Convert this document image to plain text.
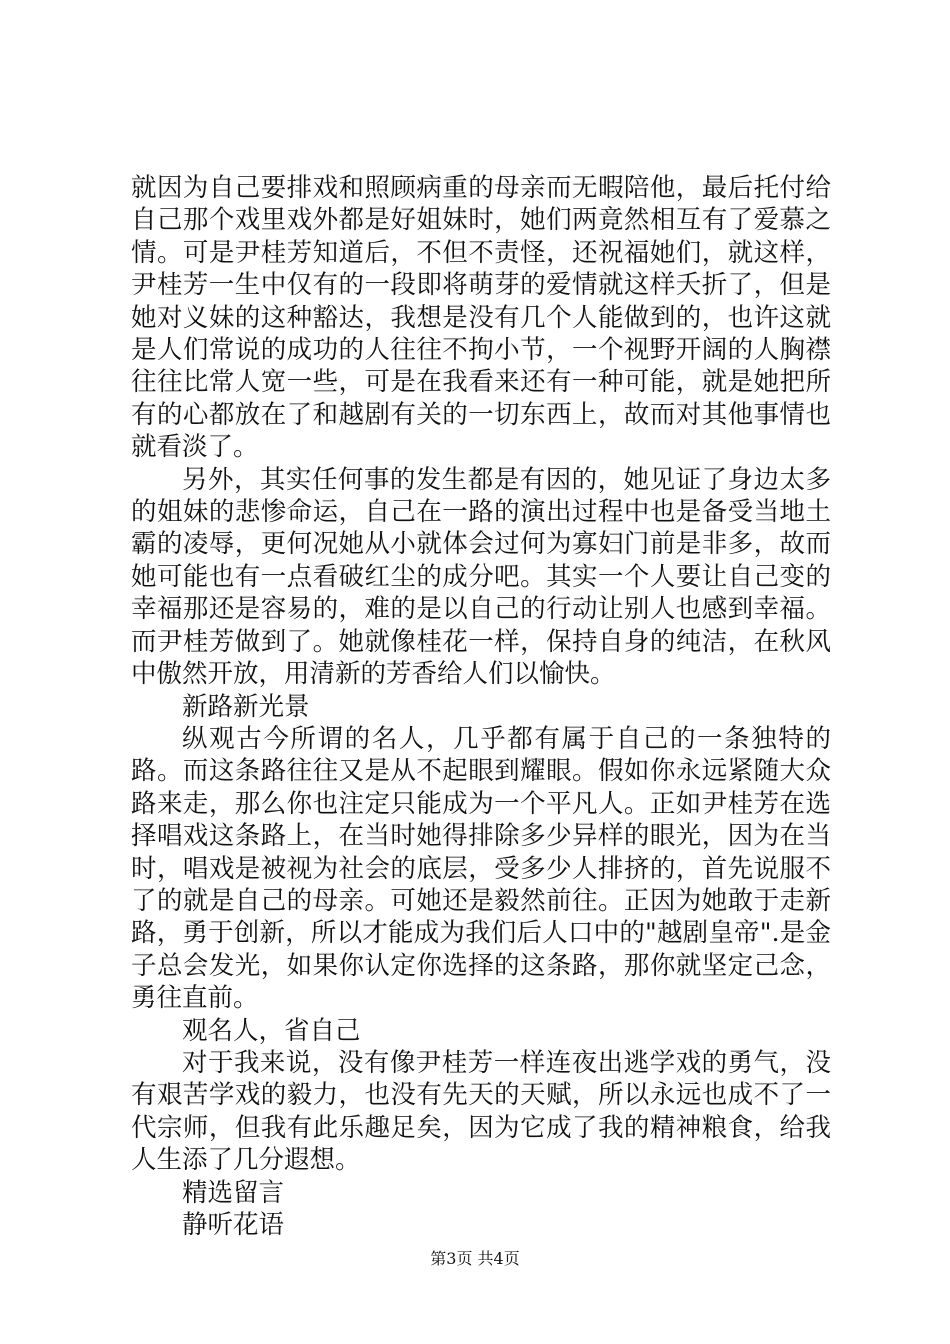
就因为自己要排戏和照顾病重的母亲而无暇陪他，最后托付给自己那个戏里戏外都是好姐妹时，她们两竟然相互有了爱慕之情。可是尹桂芳知道后，不但不责怪，还祝福她们，就这样，尹桂芳一生中仅有的一段即将萌芽的爱情就这样夭折了，但是她对义妹的这种豁达，我想是没有几个人能做到的，也许这就是人们常说的成功的人往往不拘小节，一个视野开阔的人胸襟往往比常人宽一些，可是在我看来还有一种可能，就是她把所有的心都放在了和越剧有关的一切东西上，故而对其他事情也就看淡了。

另外，其实任何事的发生都是有因的，她见证了身边太多的姐妹的悲惨命运，自己在一路的演出过程中也是备受当地土霸的凌辱，更何况她从小就体会过何为寡妇门前是非多，故而她可能也有一点看破红尘的成分吧。其实一个人要让自己变的幸福那还是容易的，难的是以自己的行动让别人也感到幸福。而尹桂芳做到了。她就像桂花一样，保持自身的纯洁，在秋风中傲然开放，用清新的芳香给人们以愉快。

新路新光景

纵观古今所谓的名人，几乎都有属于自己的一条独特的路。而这条路往往又是从不起眼到耀眼。假如你永远紧随大众路来走，那么你也注定只能成为一个平凡人。正如尹桂芳在选择唱戏这条路上，在当时她得排除多少异样的眼光，因为在当时，唱戏是被视为社会的底层，受多少人排挤的，首先说服不了的就是自己的母亲。可她还是毅然前往。正因为她敢于走新路，勇于创新，所以才能成为我们后人口中的"越剧皇帝".是金子总会发光，如果你认定你选择的这条路，那你就坚定己念，勇往直前。

观名人，省自己

对于我来说，没有像尹桂芳一样连夜出逃学戏的勇气，没有艰苦学戏的毅力，也没有先天的天赋，所以永远也成不了一代宗师，但我有此乐趣足矣，因为它成了我的精神粮食，给我人生添了几分遐想。

精选留言

静听花语

第3页 共4页
